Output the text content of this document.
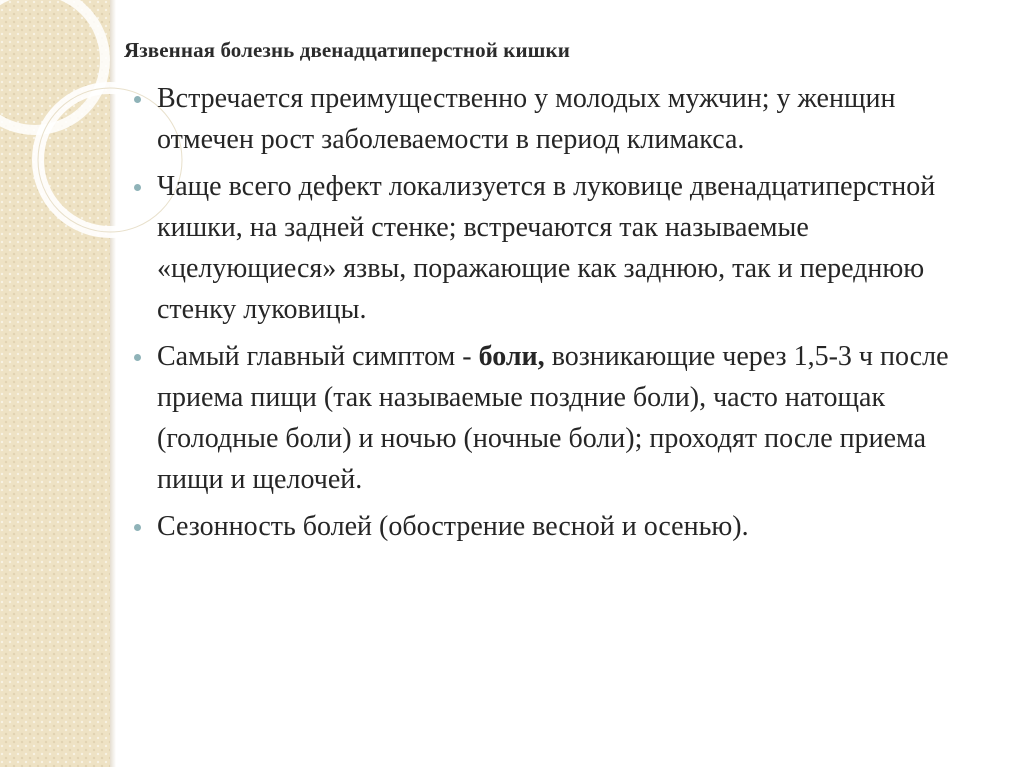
Язвенная болезнь двенадцатиперстной кишки
Встречается преимущественно у молодых мужчин; у женщин отмечен рост заболеваемости в период климакса.
Чаще всего дефект локализуется в луковице двенадцатиперстной кишки, на задней стенке; встречаются так называемые «целующиеся» язвы, поражающие как заднюю, так и переднюю стенку луковицы.
Самый главный симптом - боли, возникающие через 1,5-3 ч после приема пищи (так называемые поздние боли), часто натощак (голодные боли) и ночью (ночные боли); проходят после приема пищи и щелочей.
Сезонность болей (обострение весной и осенью).
